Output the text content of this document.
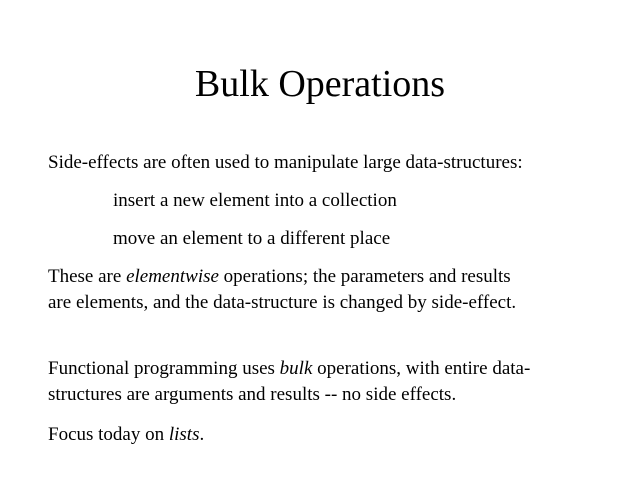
Bulk Operations
Side-effects are often used to manipulate large data-structures:
insert a new element into a collection
move an element to a different place
These are elementwise operations; the parameters and results
are elements, and the data-structure is changed by side-effect.
Functional programming uses bulk operations, with entire data-
structures are arguments and results -- no side effects.
Focus today on lists.
